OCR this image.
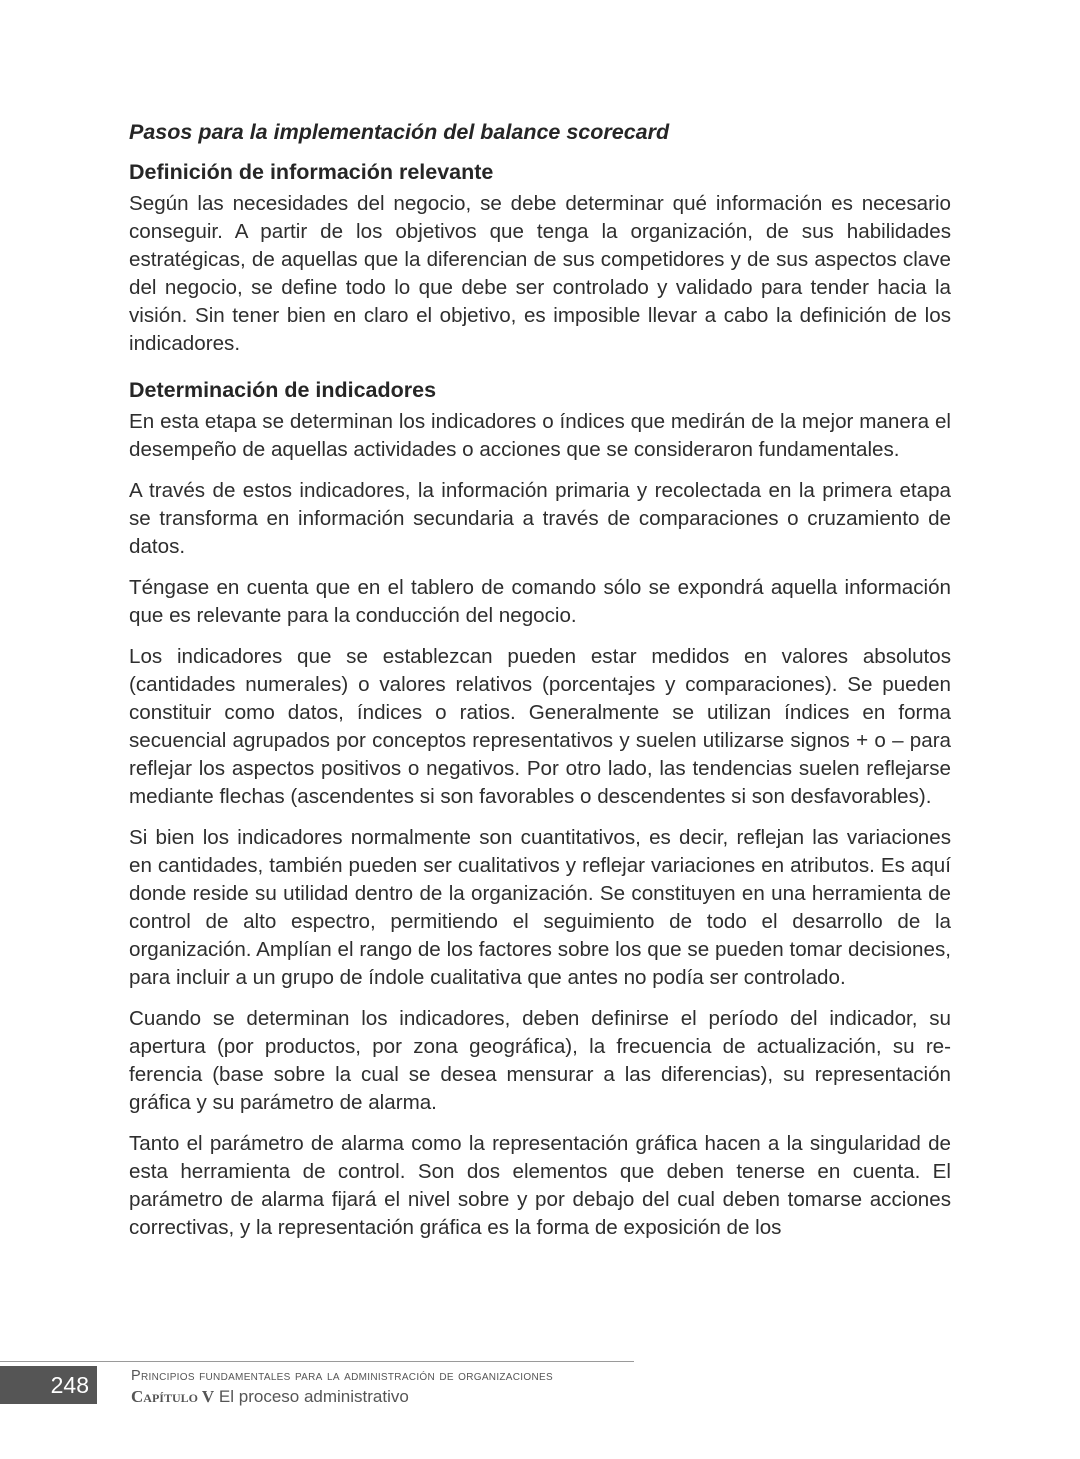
Pasos para la implementación del balance scorecard
Definición de información relevante

Según las necesidades del negocio, se debe determinar qué información es necesario conseguir. A partir de los objetivos que tenga la organización, de sus habilidades estratégicas, de aquellas que la diferencian de sus competidores y de sus aspectos clave del negocio, se define todo lo que debe ser controlado y validado para tender hacia la visión. Sin tener bien en claro el objetivo, es imposible llevar a cabo la definición de los indicadores.

Determinación de indicadores

En esta etapa se determinan los indicadores o índices que medirán de la mejor manera el desempeño de aquellas actividades o acciones que se consideraron fundamentales.

A través de estos indicadores, la información primaria y recolectada en la primera etapa se transforma en información secundaria a través de comparaciones o cruzamiento de datos.

Téngase en cuenta que en el tablero de comando sólo se expondrá aquella información que es relevante para la conducción del negocio.

Los indicadores que se establezcan pueden estar medidos en valores absolutos (cantidades numerales) o valores relativos (porcentajes y comparaciones). Se pueden constituir como datos, índices o ratios. Generalmente se utilizan índices en forma secuencial agrupados por conceptos representativos y suelen utilizarse signos + o – para reflejar los aspectos positivos o negativos. Por otro lado, las tendencias suelen reflejarse mediante flechas (ascendentes si son favorables o descendentes si son desfavorables).

Si bien los indicadores normalmente son cuantitativos, es decir, reflejan las variaciones en cantidades, también pueden ser cualitativos y reflejar variaciones en atributos. Es aquí donde reside su utilidad dentro de la organización. Se constituyen en una herramienta de control de alto espectro, permitiendo el seguimiento de todo el desarrollo de la organización. Amplían el rango de los factores sobre los que se pueden tomar decisiones, para incluir a un grupo de índole cualitativa que antes no podía ser controlado.

Cuando se determinan los indicadores, deben definirse el período del indicador, su apertura (por productos, por zona geográfica), la frecuencia de actualización, su referencia (base sobre la cual se desea mensurar a las diferencias), su representación gráfica y su parámetro de alarma.

Tanto el parámetro de alarma como la representación gráfica hacen a la singularidad de esta herramienta de control. Son dos elementos que deben tenerse en cuenta. El parámetro de alarma fijará el nivel sobre y por debajo del cual deben tomarse acciones correctivas, y la representación gráfica es la forma de exposición de los

248	Principios fundamentales para la administración de organizaciones
Capítulo V El proceso administrativo
